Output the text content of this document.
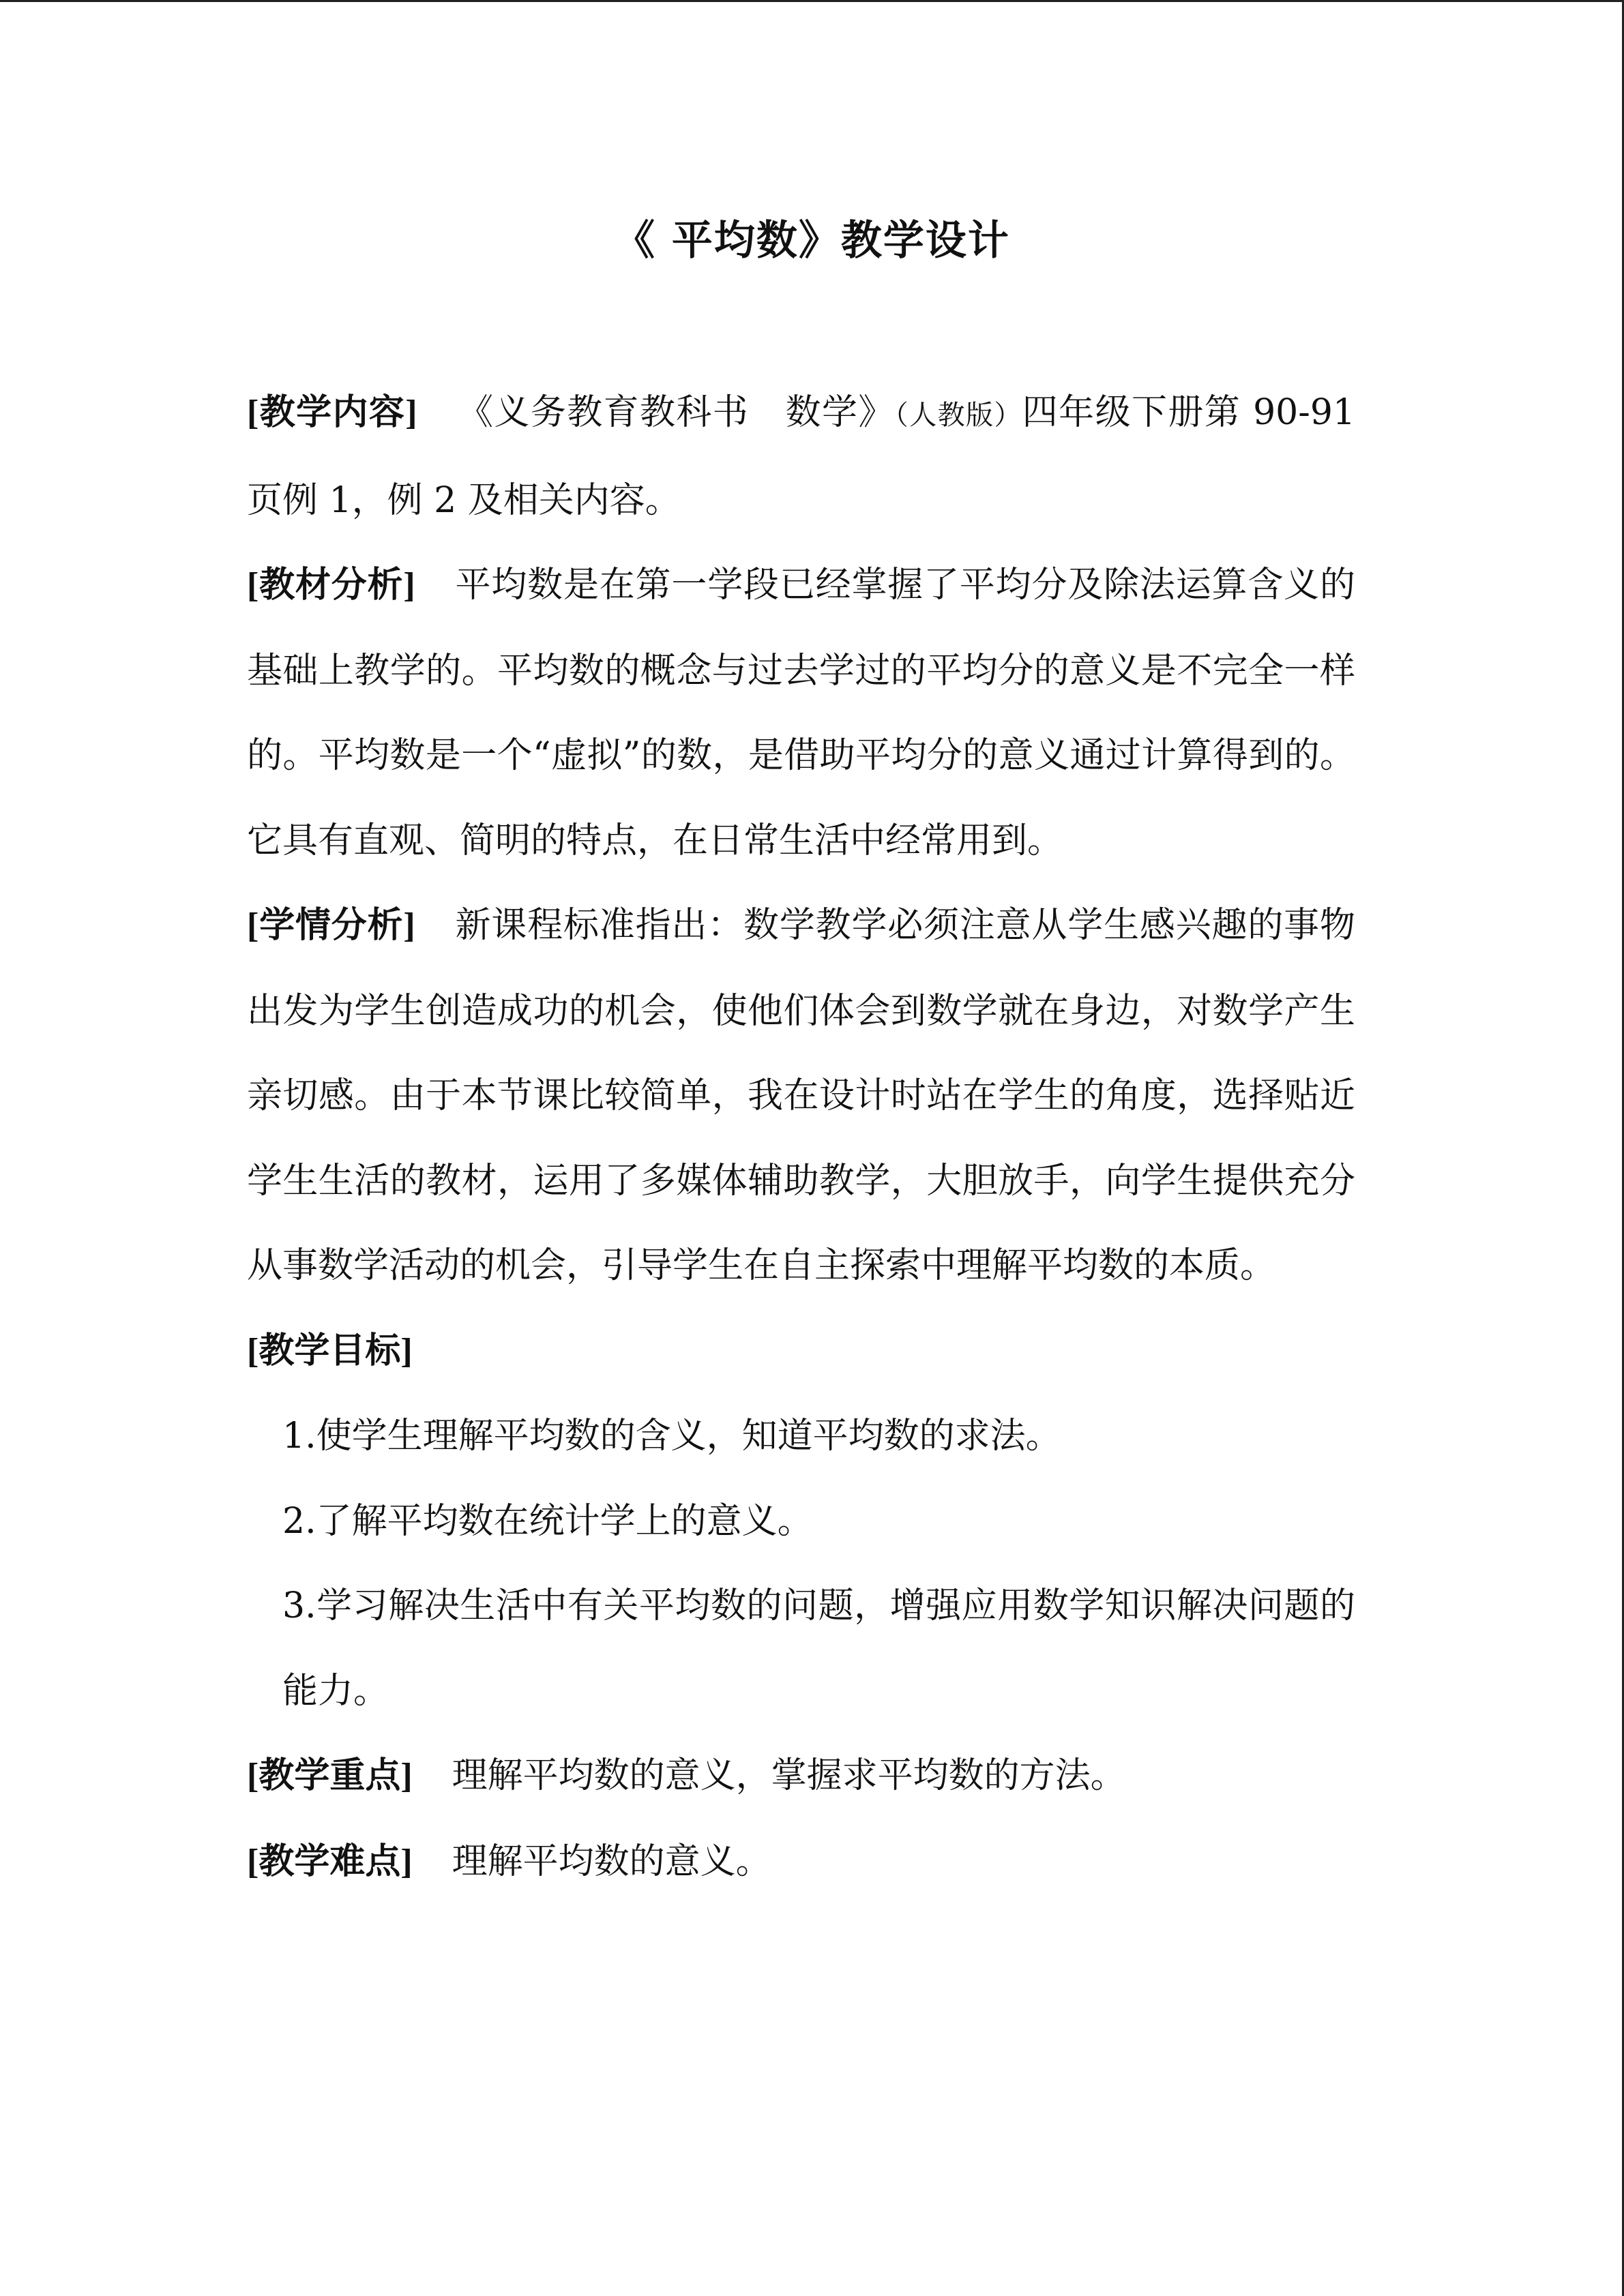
《 平均数》教学设计

[教学内容] 《义务教育教科书　数学》（人教版）四年级下册第 90-91 页例 1，例 2 及相关内容。

[教材分析] 平均数是在第一学段已经掌握了平均分及除法运算含义的基础上教学的。平均数的概念与过去学过的平均分的意义是不完全一样的。平均数是一个“虚拟”的数，是借助平均分的意义通过计算得到的。它具有直观、简明的特点，在日常生活中经常用到。

[学情分析] 新课程标准指出：数学教学必须注意从学生感兴趣的事物出发为学生创造成功的机会，使他们体会到数学就在身边，对数学产生亲切感。由于本节课比较简单，我在设计时站在学生的角度，选择贴近学生生活的教材，运用了多媒体辅助教学，大胆放手，向学生提供充分从事数学活动的机会，引导学生在自主探索中理解平均数的本质。

[教学目标]

1.使学生理解平均数的含义，知道平均数的求法。

2.了解平均数在统计学上的意义。

3.学习解决生活中有关平均数的问题，增强应用数学知识解决问题的能力。

[教学重点] 理解平均数的意义，掌握求平均数的方法。

[教学难点] 理解平均数的意义。
